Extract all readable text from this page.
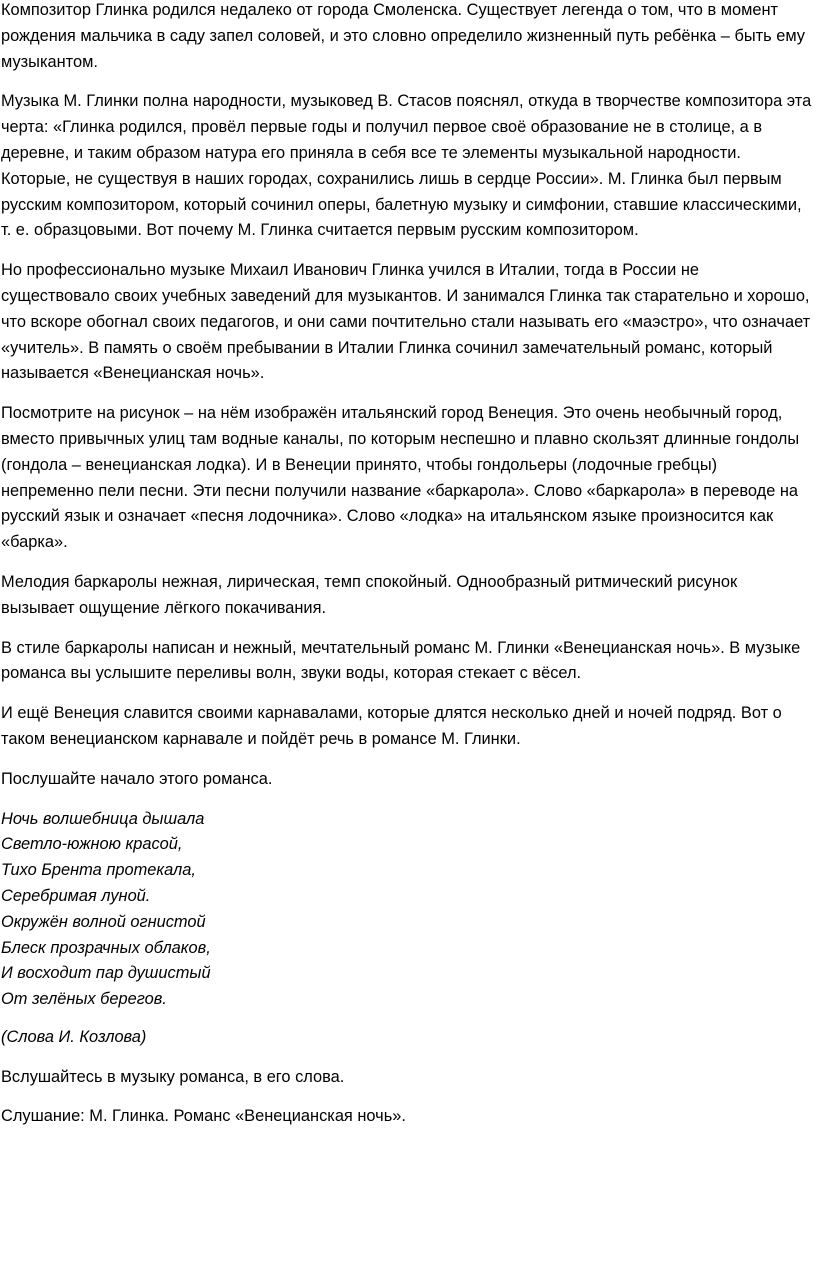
Композитор Глинка родился недалеко от города Смоленска. Существует легенда о том, что в момент рождения мальчика в саду запел соловей, и это словно определило жизненный путь ребёнка – быть ему музыкантом.

Музыка М. Глинки полна народности, музыковед В. Стасов пояснял, откуда в творчестве композитора эта черта: «Глинка родился, провёл первые годы и получил первое своё образование не в столице, а в деревне, и таким образом натура его приняла в себя все те элементы музыкальной народности. Которые, не существуя в наших городах, сохранились лишь в сердце России». М. Глинка был первым русским композитором, который сочинил оперы, балетную музыку и симфонии, ставшие классическими, т. е. образцовыми. Вот почему М. Глинка считается первым русским композитором.

Но профессионально музыке Михаил Иванович Глинка учился в Италии, тогда в России не существовало своих учебных заведений для музыкантов. И занимался Глинка так старательно и хорошо, что вскоре обогнал своих педагогов, и они сами почтительно стали называть его «маэстро», что означает «учитель». В память о своём пребывании в Италии Глинка сочинил замечательный романс, который называется «Венецианская ночь».

Посмотрите на рисунок – на нём изображён итальянский город Венеция. Это очень необычный город, вместо привычных улиц там водные каналы, по которым неспешно и плавно скользят длинные гондолы (гондола – венецианская лодка). И в Венеции принято, чтобы гондольеры (лодочные гребцы) непременно пели песни. Эти песни получили название «баркарола». Слово «баркарола» в переводе на русский язык и означает «песня лодочника». Слово «лодка» на итальянском языке произносится как «барка».

Мелодия баркаролы нежная, лирическая, темп спокойный. Однообразный ритмический рисунок вызывает ощущение лёгкого покачивания.

В стиле баркаролы написан и нежный, мечтательный романс М. Глинки «Венецианская ночь». В музыке романса вы услышите переливы волн, звуки воды, которая стекает с вёсел.

И ещё Венеция славится своими карнавалами, которые длятся несколько дней и ночей подряд. Вот о таком венецианском карнавале и пойдёт речь в романсе М. Глинки.

Послушайте начало этого романса.

Ночь волшебница дышала
Светло-южною красой,
Тихо Брента протекала,
Серебримая луной.
Окружён волной огнистой
Блеск прозрачных облаков,
И восходит пар душистый
От зелёных берегов.

(Слова И. Козлова)

Вслушайтесь в музыку романса, в его слова.

Слушание: М. Глинка. Романс «Венецианская ночь».
